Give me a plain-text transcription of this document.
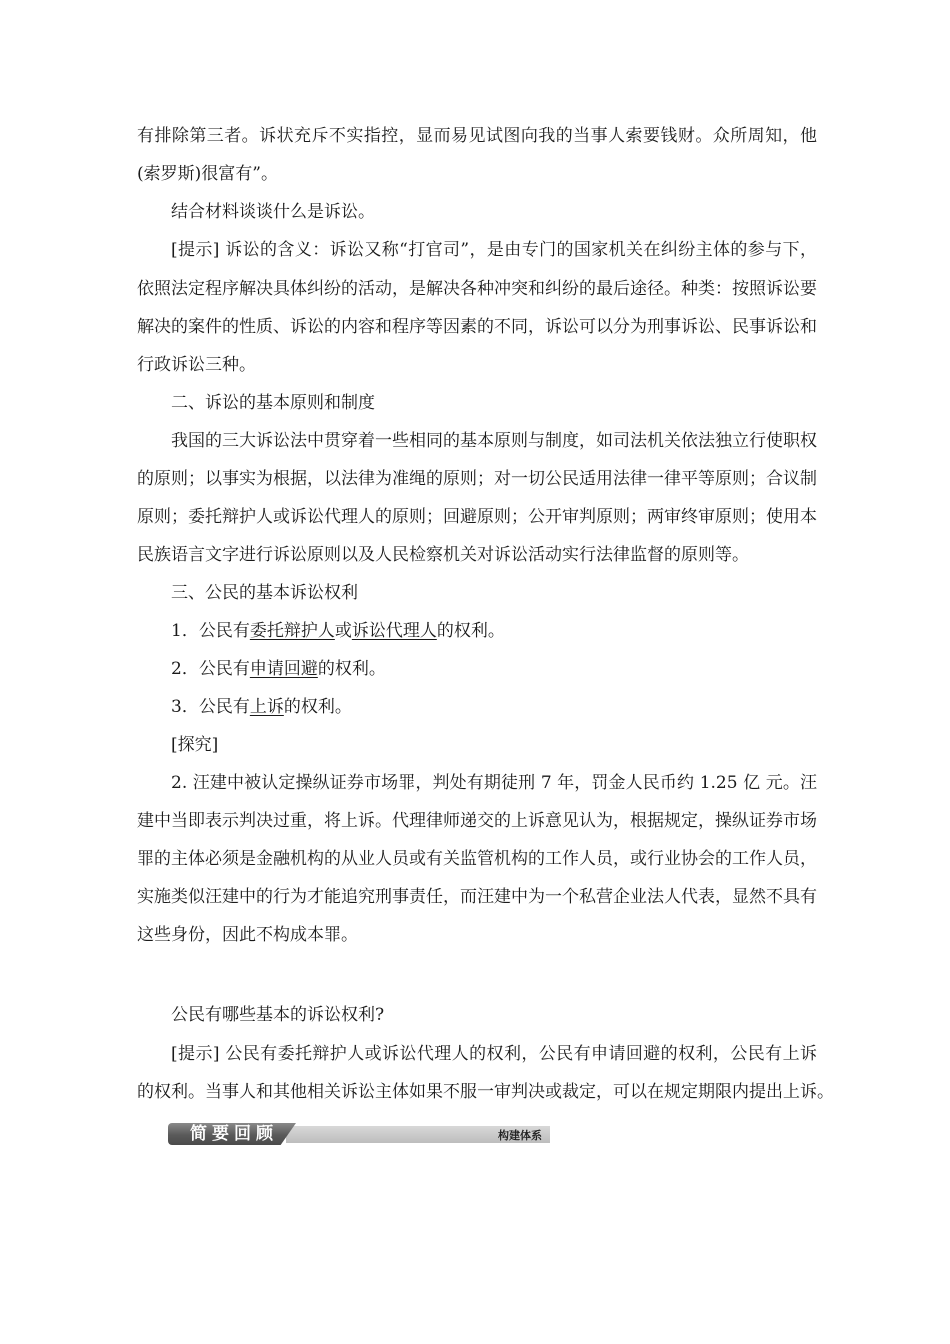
有排除第三者。诉状充斥不实指控，显而易见试图向我的当事人索要钱财。众所周知，他
(索罗斯)很富有”。
结合材料谈谈什么是诉讼。
[提示] 诉讼的含义：诉讼又称“打官司”，是由专门的国家机关在纠纷主体的参与下，
依照法定程序解决具体纠纷的活动，是解决各种冲突和纠纷的最后途径。种类：按照诉讼要
解决的案件的性质、诉讼的内容和程序等因素的不同，诉讼可以分为刑事诉讼、民事诉讼和
行政诉讼三种。
二、诉讼的基本原则和制度
我国的三大诉讼法中贯穿着一些相同的基本原则与制度，如司法机关依法独立行使职权
的原则；以事实为根据，以法律为准绳的原则；对一切公民适用法律一律平等原则；合议制
原则；委托辩护人或诉讼代理人的原则；回避原则；公开审判原则；两审终审原则；使用本
民族语言文字进行诉讼原则以及人民检察机关对诉讼活动实行法律监督的原则等。
三、公民的基本诉讼权利
1．公民有委托辩护人或诉讼代理人的权利。
2．公民有申请回避的权利。
3．公民有上诉的权利。
[探究]
2. 汪建中被认定操纵证券市场罪，判处有期徒刑 7 年，罚金人民币约 1.25 亿 元。汪
建中当即表示判决过重，将上诉。代理律师递交的上诉意见认为，根据规定，操纵证券市场
罪的主体必须是金融机构的从业人员或有关监管机构的工作人员，或行业协会的工作人员，
实施类似汪建中的行为才能追究刑事责任，而汪建中为一个私营企业法人代表，显然不具有
这些身份，因此不构成本罪。
公民有哪些基本的诉讼权利?
[提示] 公民有委托辩护人或诉讼代理人的权利，公民有申请回避的权利，公民有上诉
的权利。当事人和其他相关诉讼主体如果不服一审判决或裁定，可以在规定期限内提出上诉。
构建体系
简要回顾
